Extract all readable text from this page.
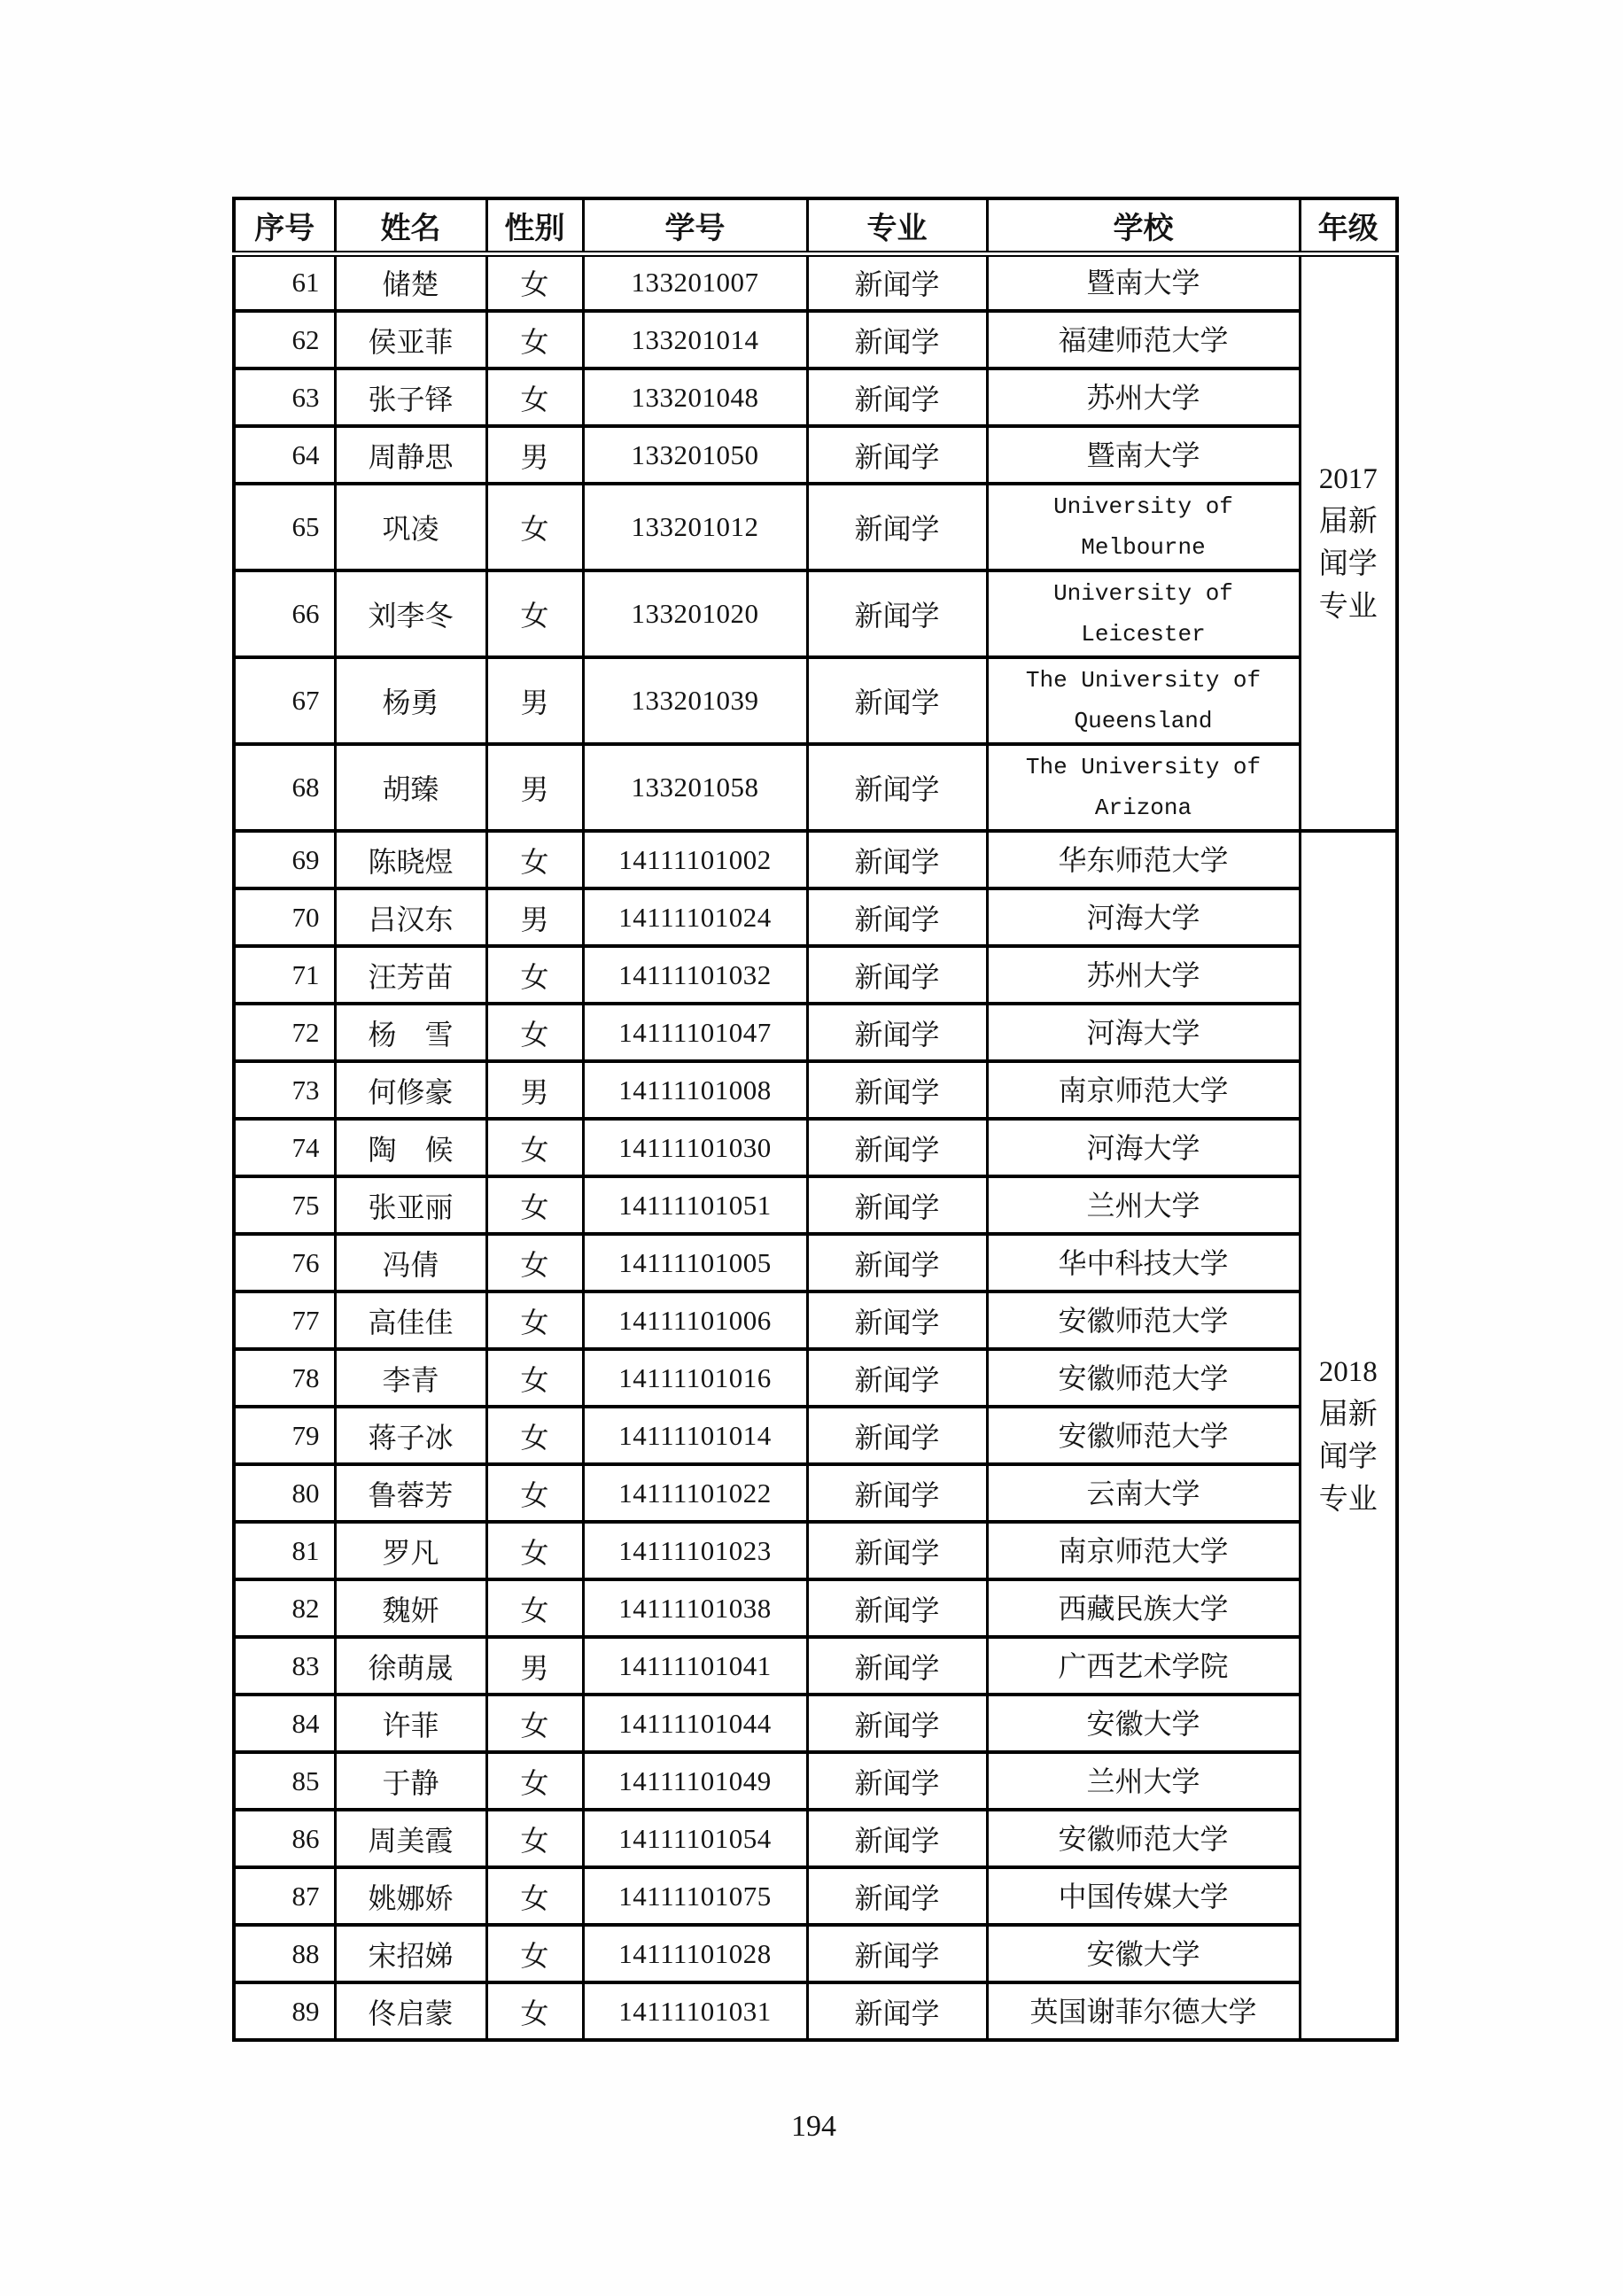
序号	姓名	性别	学号	专业	学校	年级
61	储楚	女	133201007	新闻学	暨南大学	2017
届新
闻学
专业

62	侯亚菲	女	133201014	新闻学	福建师范大学	

63	张子铎	女	133201048	新闻学	苏州大学	

64	周静思	男	133201050	新闻学	暨南大学	

65	巩凌	女	133201012	新闻学	University of
Melbourne	

66	刘李冬	女	133201020	新闻学	University of
Leicester	

67	杨勇	男	133201039	新闻学	The University of
Queensland	

68	胡臻	男	133201058	新闻学	The University of
Arizona	

69	陈晓煜	女	14111101002	新闻学	华东师范大学	2018
届新
闻学
专业

70	吕汉东	男	14111101024	新闻学	河海大学	

71	汪芳苗	女	14111101032	新闻学	苏州大学	

72	杨　雪	女	14111101047	新闻学	河海大学	

73	何修豪	男	14111101008	新闻学	南京师范大学	

74	陶　候	女	14111101030	新闻学	河海大学	

75	张亚丽	女	14111101051	新闻学	兰州大学	

76	冯倩	女	14111101005	新闻学	华中科技大学	

77	高佳佳	女	14111101006	新闻学	安徽师范大学	

78	李青	女	14111101016	新闻学	安徽师范大学	

79	蒋子冰	女	14111101014	新闻学	安徽师范大学	

80	鲁蓉芳	女	14111101022	新闻学	云南大学	

81	罗凡	女	14111101023	新闻学	南京师范大学	

82	魏妍	女	14111101038	新闻学	西藏民族大学	

83	徐萌晟	男	14111101041	新闻学	广西艺术学院	

84	许菲	女	14111101044	新闻学	安徽大学	

85	于静	女	14111101049	新闻学	兰州大学	

86	周美霞	女	14111101054	新闻学	安徽师范大学	

87	姚娜娇	女	14111101075	新闻学	中国传媒大学	

88	宋招娣	女	14111101028	新闻学	安徽大学	

89	佟启蒙	女	14111101031	新闻学	英国谢菲尔德大学	
194
